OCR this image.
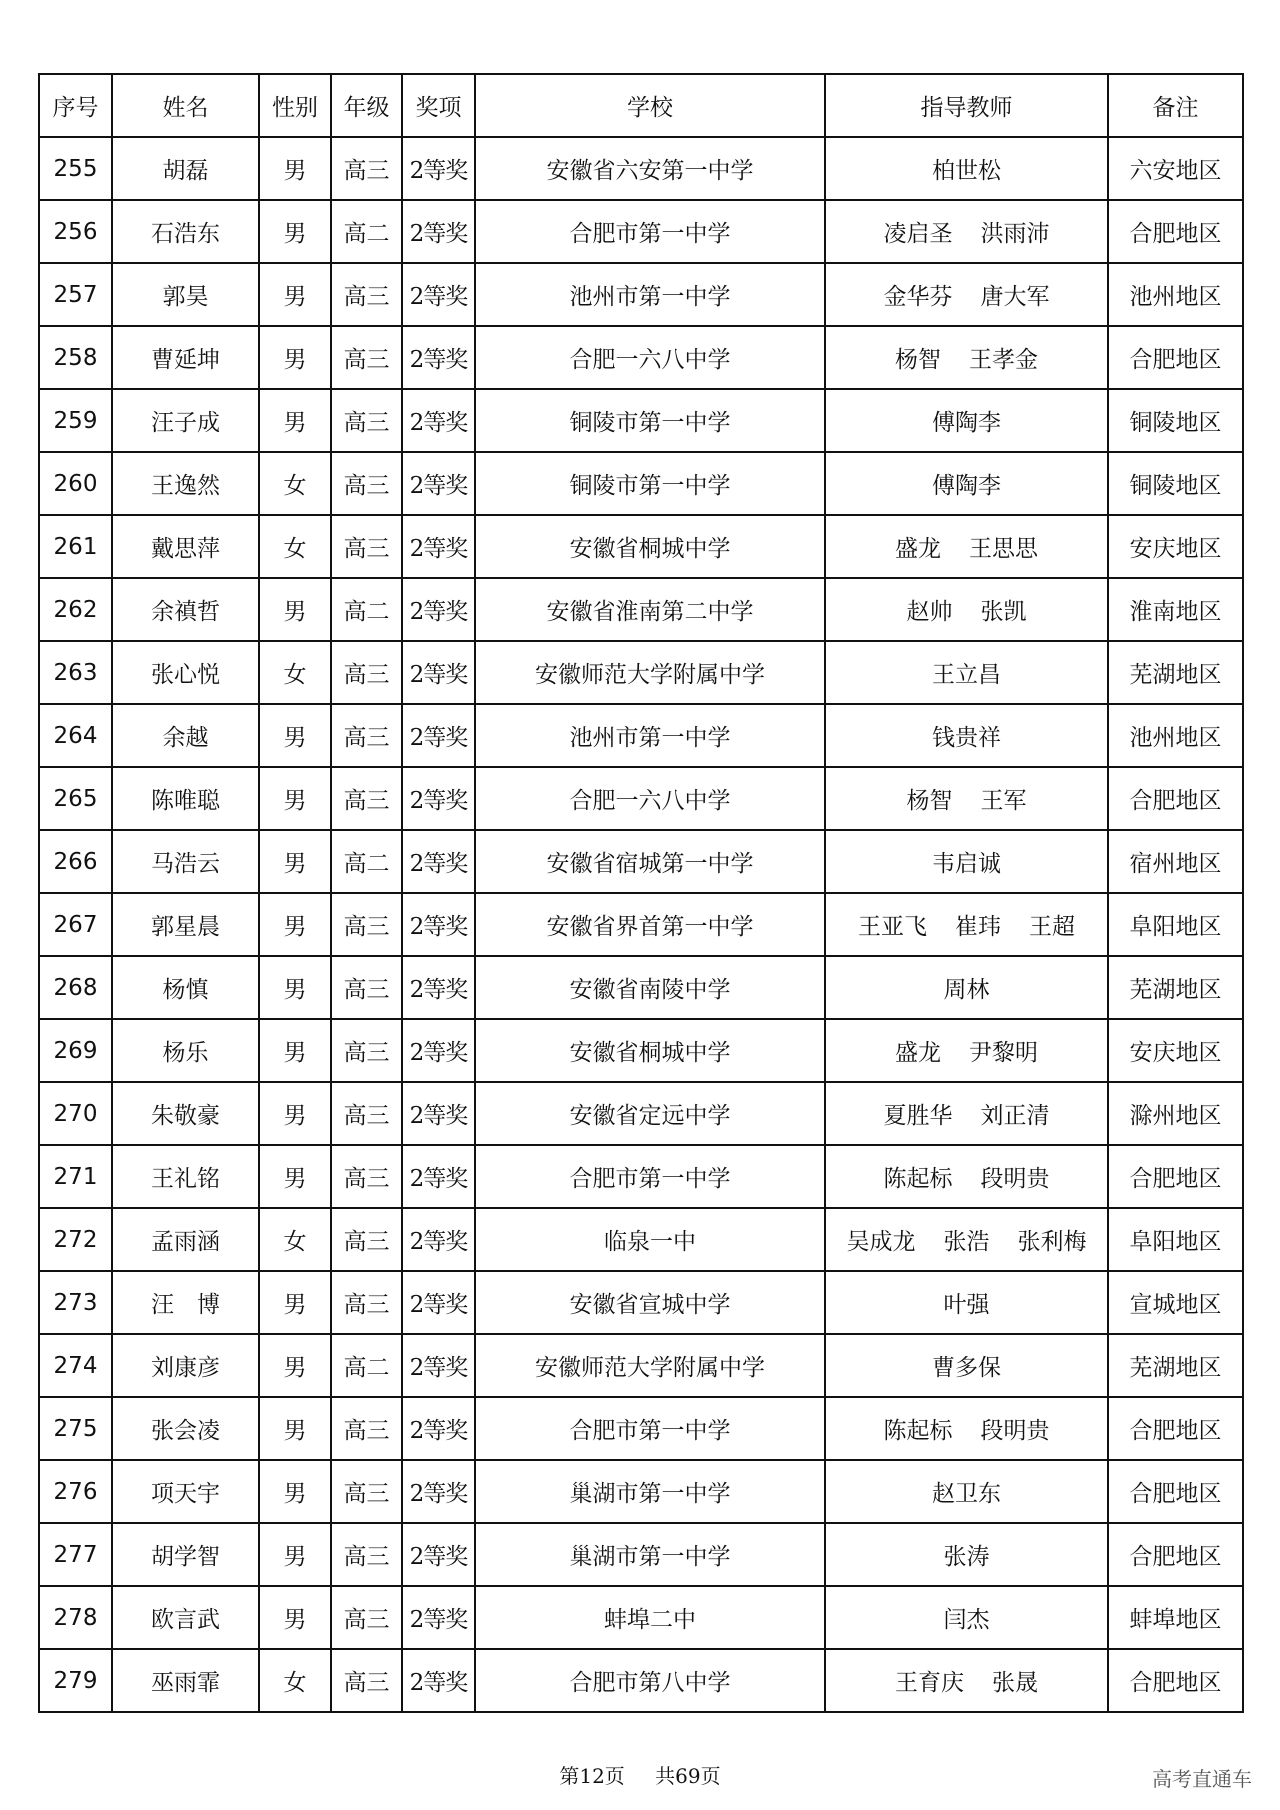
序号	姓名	性别	年级	奖项	学校	指导教师	备注
255	胡磊	男	高三	2等奖	安徽省六安第一中学	柏世松	六安地区
256	石浩东	男	高二	2等奖	合肥市第一中学	凌启圣 洪雨沛	合肥地区
257	郭昊	男	高三	2等奖	池州市第一中学	金华芬 唐大军	池州地区
258	曹延坤	男	高三	2等奖	合肥一六八中学	杨智 王孝金	合肥地区
259	汪子成	男	高三	2等奖	铜陵市第一中学	傅陶李	铜陵地区
260	王逸然	女	高三	2等奖	铜陵市第一中学	傅陶李	铜陵地区
261	戴思萍	女	高三	2等奖	安徽省桐城中学	盛龙 王思思	安庆地区
262	余禛哲	男	高二	2等奖	安徽省淮南第二中学	赵帅 张凯	淮南地区
263	张心悦	女	高三	2等奖	安徽师范大学附属中学	王立昌	芜湖地区
264	余越	男	高三	2等奖	池州市第一中学	钱贵祥	池州地区
265	陈唯聪	男	高三	2等奖	合肥一六八中学	杨智 王军	合肥地区
266	马浩云	男	高二	2等奖	安徽省宿城第一中学	韦启诚	宿州地区
267	郭星晨	男	高三	2等奖	安徽省界首第一中学	王亚飞 崔玮 王超	阜阳地区
268	杨慎	男	高三	2等奖	安徽省南陵中学	周林	芜湖地区
269	杨乐	男	高三	2等奖	安徽省桐城中学	盛龙 尹黎明	安庆地区
270	朱敬豪	男	高三	2等奖	安徽省定远中学	夏胜华 刘正清	滁州地区
271	王礼铭	男	高三	2等奖	合肥市第一中学	陈起标 段明贵	合肥地区
272	孟雨涵	女	高三	2等奖	临泉一中	吴成龙 张浩 张利梅	阜阳地区
273	汪　博	男	高三	2等奖	安徽省宣城中学	叶强	宣城地区
274	刘康彦	男	高二	2等奖	安徽师范大学附属中学	曹多保	芜湖地区
275	张会凌	男	高三	2等奖	合肥市第一中学	陈起标 段明贵	合肥地区
276	项天宇	男	高三	2等奖	巢湖市第一中学	赵卫东	合肥地区
277	胡学智	男	高三	2等奖	巢湖市第一中学	张涛	合肥地区
278	欧言武	男	高三	2等奖	蚌埠二中	闫杰	蚌埠地区
279	巫雨霏	女	高三	2等奖	合肥市第八中学	王育庆 张晟	合肥地区
第12页 共69页	高考直通车
